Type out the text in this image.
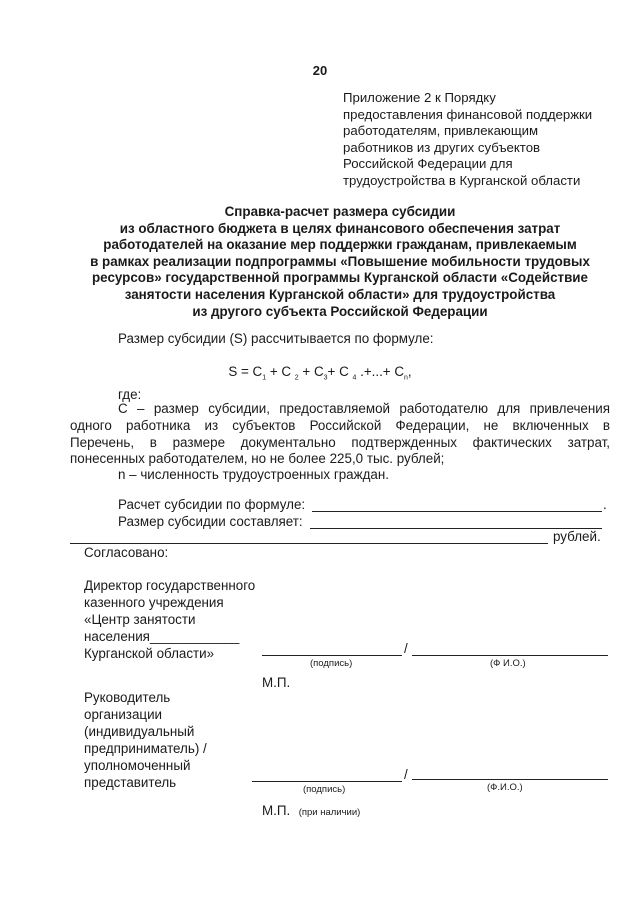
20
Приложение 2 к Порядку
предоставления финансовой поддержки
работодателям, привлекающим
работников из других субъектов
Российской Федерации для
трудоустройства в Курганской области
Справка-расчет размера субсидии
из областного бюджета в целях финансового обеспечения затрат
работодателей на оказание мер поддержки гражданам, привлекаемым
в рамках реализации подпрограммы «Повышение мобильности трудовых
ресурсов» государственной программы Курганской области «Содействие
занятости населения Курганской области» для трудоустройства
из другого субъекта Российской Федерации
Размер субсидии (S) рассчитывается по формуле:
$S = C_1 + C$ $_2 + C_3+ C$ $_4$ .+...+ $C_n$,
где:
С – размер субсидии, предоставляемой работодателю для привлечения
одного работника из субъектов Российской Федерации, не включенных в
Перечень, в размере документально подтвержденных фактических затрат,
понесенных работодателем, но не более 225,0 тыс. рублей;
n – численность трудоустроенных граждан.
Расчет субсидии по формуле:	.
Размер субсидии составляет:
рублей.
Согласовано:
Директор государственного
казенного учреждения
«Центр занятости
населения____________
Курганской области»	/
(подпись)	(Ф И.О.)
М.П.
Руководитель
организации
(индивидуальный
предприниматель) /
уполномоченный
представитель
/
(подпись)	(Ф.И.О.)
М.П. (при наличии)
